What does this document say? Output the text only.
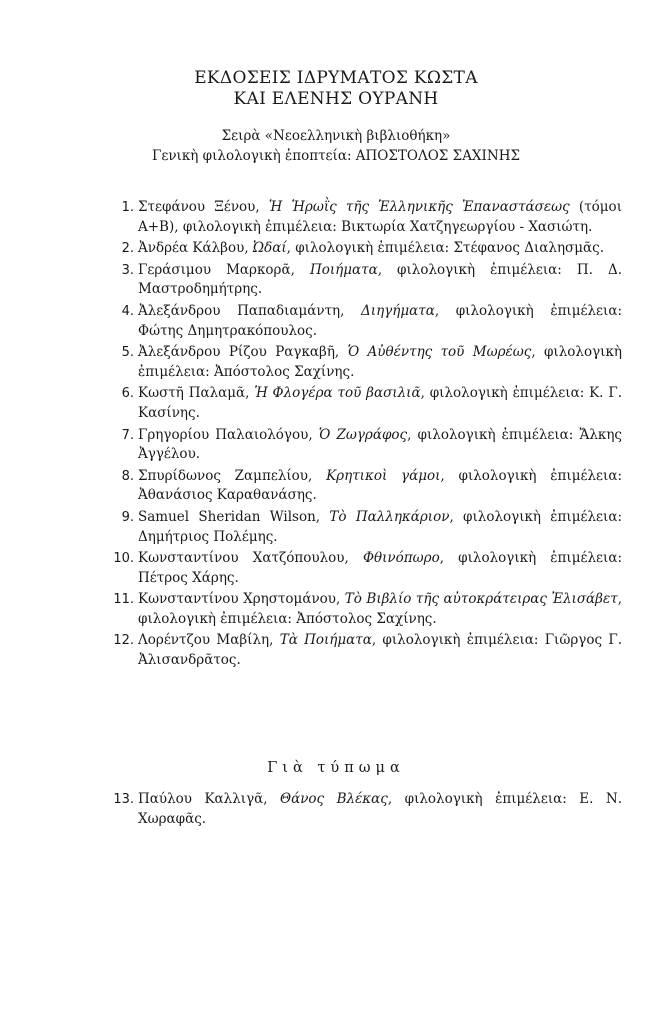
ΕΚΔΟΣΕΙΣ ΙΔΡΥΜΑΤΟΣ ΚΩΣΤΑ
ΚΑΙ ΕΛΕΝΗΣ ΟΥΡΑΝΗ
Σειρὰ «Νεοελληνικὴ βιβλιοθήκη»
Γενικὴ φιλολογικὴ ἐποπτεία: ΑΠΟΣΤΟΛΟΣ ΣΑΧΙΝΗΣ
1. Στεφάνου Ξένου, Ἡ Ἡρωῒς τῆς Ἑλληνικῆς Ἐπαναστάσεως (τόμοι Α+Β), φιλολογικὴ ἐπιμέλεια: Βικτωρία Χατζηγεωργίου - Χασιώτη.
2. Ἀνδρέα Κάλβου, Ὠδαί, φιλολογικὴ ἐπιμέλεια: Στέφανος Διαλησμᾶς.
3. Γεράσιμου Μαρκορᾶ, Ποιήματα, φιλολογικὴ ἐπιμέλεια: Π. Δ. Μαστροδημήτρης.
4. Ἀλεξάνδρου Παπαδιαμάντη, Διηγήματα, φιλολογικὴ ἐπιμέλεια: Φώτης Δημητρακόπουλος.
5. Ἀλεξάνδρου Ρίζου Ραγκαβῆ, Ὁ Αὐθέντης τοῦ Μωρέως, φιλολογικὴ ἐπιμέλεια: Ἀπόστολος Σαχίνης.
6. Κωστῆ Παλαμᾶ, Ἡ Φλογέρα τοῦ βασιλιᾶ, φιλολογικὴ ἐπιμέλεια: Κ. Γ. Κασίνης.
7. Γρηγορίου Παλαιολόγου, Ὁ Ζωγράφος, φιλολογικὴ ἐπιμέλεια: Ἄλκης Ἀγγέλου.
8. Σπυρίδωνος Ζαμπελίου, Κρητικοὶ γάμοι, φιλολογικὴ ἐπιμέλεια: Ἀθανάσιος Καραθανάσης.
9. Samuel Sheridan Wilson, Τὸ Παλληκάριον, φιλολογικὴ ἐπιμέλεια: Δημήτριος Πολέμης.
10. Κωνσταντίνου Χατζόπουλου, Φθινόπωρο, φιλολογικὴ ἐπιμέλεια: Πέτρος Χάρης.
11. Κωνσταντίνου Χρηστομάνου, Τὸ Βιβλίο τῆς αὐτοκράτειρας Ἐλισάβετ, φιλολογικὴ ἐπιμέλεια: Ἀπόστολος Σαχίνης.
12. Λορέντζου Μαβίλη, Τὰ Ποιήματα, φιλολογικὴ ἐπιμέλεια: Γιῶργος Γ. Ἀλισανδρᾶτος.
Γιὰ τύπωμα
13. Παύλου Καλλιγᾶ, Θάνος Βλέκας, φιλολογικὴ ἐπιμέλεια: Ε. Ν. Χωραφᾶς.
